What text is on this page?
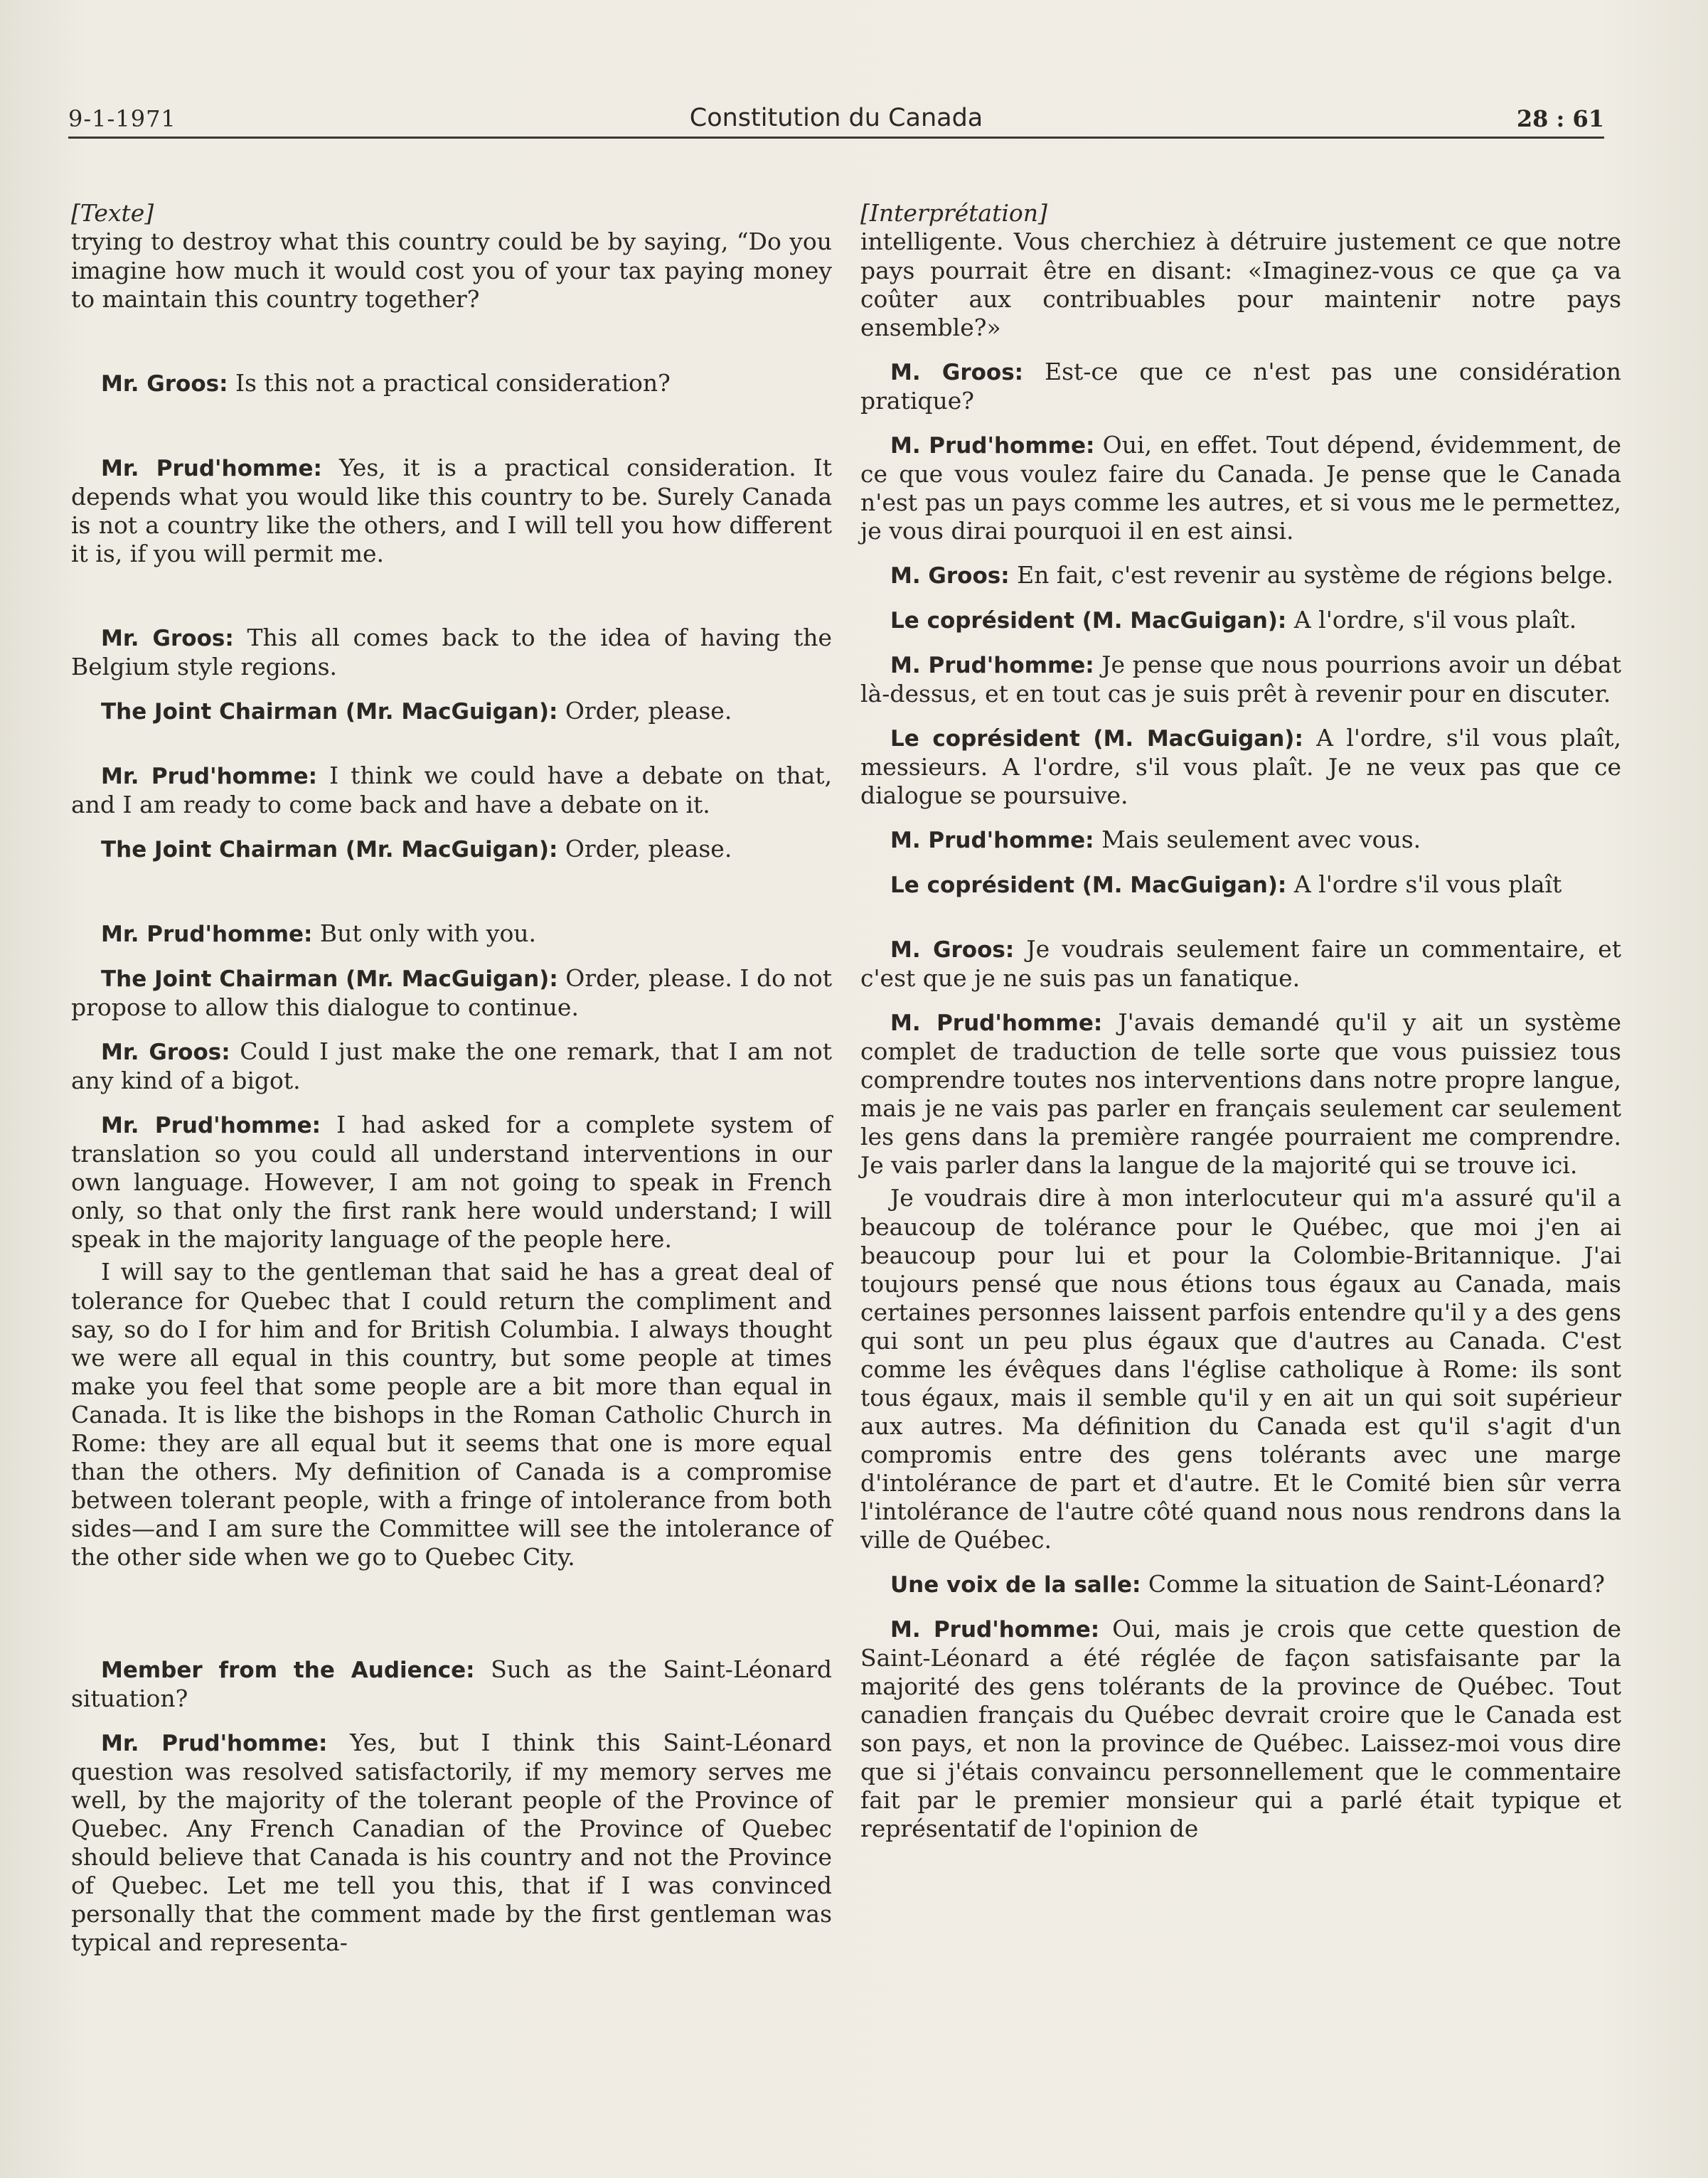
9-1-1971	Constitution du Canada	28 : 61

[Texte]

trying to destroy what this country could be by saying, “Do you imagine how much it would cost you of your tax paying money to maintain this country together?

Mr. Groos: Is this not a practical consideration?

Mr. Prud'homme: Yes, it is a practical consideration. It depends what you would like this country to be. Surely Canada is not a country like the others, and I will tell you how different it is, if you will permit me.

Mr. Groos: This all comes back to the idea of having the Belgium style regions.

The Joint Chairman (Mr. MacGuigan): Order, please.

Mr. Prud'homme: I think we could have a debate on that, and I am ready to come back and have a debate on it.

The Joint Chairman (Mr. MacGuigan): Order, please.

Mr. Prud'homme: But only with you.

The Joint Chairman (Mr. MacGuigan): Order, please. I do not propose to allow this dialogue to continue.

Mr. Groos: Could I just make the one remark, that I am not any kind of a bigot.

Mr. Prud'homme: I had asked for a complete system of translation so you could all understand interventions in our own language. However, I am not going to speak in French only, so that only the first rank here would understand; I will speak in the majority language of the people here.

I will say to the gentleman that said he has a great deal of tolerance for Quebec that I could return the compliment and say, so do I for him and for British Columbia. I always thought we were all equal in this country, but some people at times make you feel that some people are a bit more than equal in Canada. It is like the bishops in the Roman Catholic Church in Rome: they are all equal but it seems that one is more equal than the others. My definition of Canada is a compromise between tolerant people, with a fringe of intolerance from both sides—and I am sure the Committee will see the intolerance of the other side when we go to Quebec City.

Member from the Audience: Such as the Saint-Léonard situation?

Mr. Prud'homme: Yes, but I think this Saint-Léonard question was resolved satisfactorily, if my memory serves me well, by the majority of the tolerant people of the Province of Quebec. Any French Canadian of the Province of Quebec should believe that Canada is his country and not the Province of Quebec. Let me tell you this, that if I was convinced personally that the comment made by the first gentleman was typical and representa-

[Interprétation]

intelligente. Vous cherchiez à détruire justement ce que notre pays pourrait être en disant: «Imaginez-vous ce que ça va coûter aux contribuables pour maintenir notre pays ensemble?»

M. Groos: Est-ce que ce n'est pas une considération pratique?

M. Prud'homme: Oui, en effet. Tout dépend, évidemment, de ce que vous voulez faire du Canada. Je pense que le Canada n'est pas un pays comme les autres, et si vous me le permettez, je vous dirai pourquoi il en est ainsi.

M. Groos: En fait, c'est revenir au système de régions belge.

Le coprésident (M. MacGuigan): A l'ordre, s'il vous plaît.

M. Prud'homme: Je pense que nous pourrions avoir un débat là-dessus, et en tout cas je suis prêt à revenir pour en discuter.

Le coprésident (M. MacGuigan): A l'ordre, s'il vous plaît, messieurs. A l'ordre, s'il vous plaît. Je ne veux pas que ce dialogue se poursuive.

M. Prud'homme: Mais seulement avec vous.

Le coprésident (M. MacGuigan): A l'ordre s'il vous plaît

M. Groos: Je voudrais seulement faire un commentaire, et c'est que je ne suis pas un fanatique.

M. Prud'homme: J'avais demandé qu'il y ait un système complet de traduction de telle sorte que vous puissiez tous comprendre toutes nos interventions dans notre propre langue, mais je ne vais pas parler en français seulement car seulement les gens dans la première rangée pourraient me comprendre. Je vais parler dans la langue de la majorité qui se trouve ici.

Je voudrais dire à mon interlocuteur qui m'a assuré qu'il a beaucoup de tolérance pour le Québec, que moi j'en ai beaucoup pour lui et pour la Colombie-Britannique. J'ai toujours pensé que nous étions tous égaux au Canada, mais certaines personnes laissent parfois entendre qu'il y a des gens qui sont un peu plus égaux que d'autres au Canada. C'est comme les évêques dans l'église catholique à Rome: ils sont tous égaux, mais il semble qu'il y en ait un qui soit supérieur aux autres. Ma définition du Canada est qu'il s'agit d'un compromis entre des gens tolérants avec une marge d'intolérance de part et d'autre. Et le Comité bien sûr verra l'intolérance de l'autre côté quand nous nous rendrons dans la ville de Québec.

Une voix de la salle: Comme la situation de Saint-Léonard?

M. Prud'homme: Oui, mais je crois que cette question de Saint-Léonard a été réglée de façon satisfaisante par la majorité des gens tolérants de la province de Québec. Tout canadien français du Québec devrait croire que le Canada est son pays, et non la province de Québec. Laissez-moi vous dire que si j'étais convaincu personnellement que le commentaire fait par le premier monsieur qui a parlé était typique et représentatif de l'opinion de
